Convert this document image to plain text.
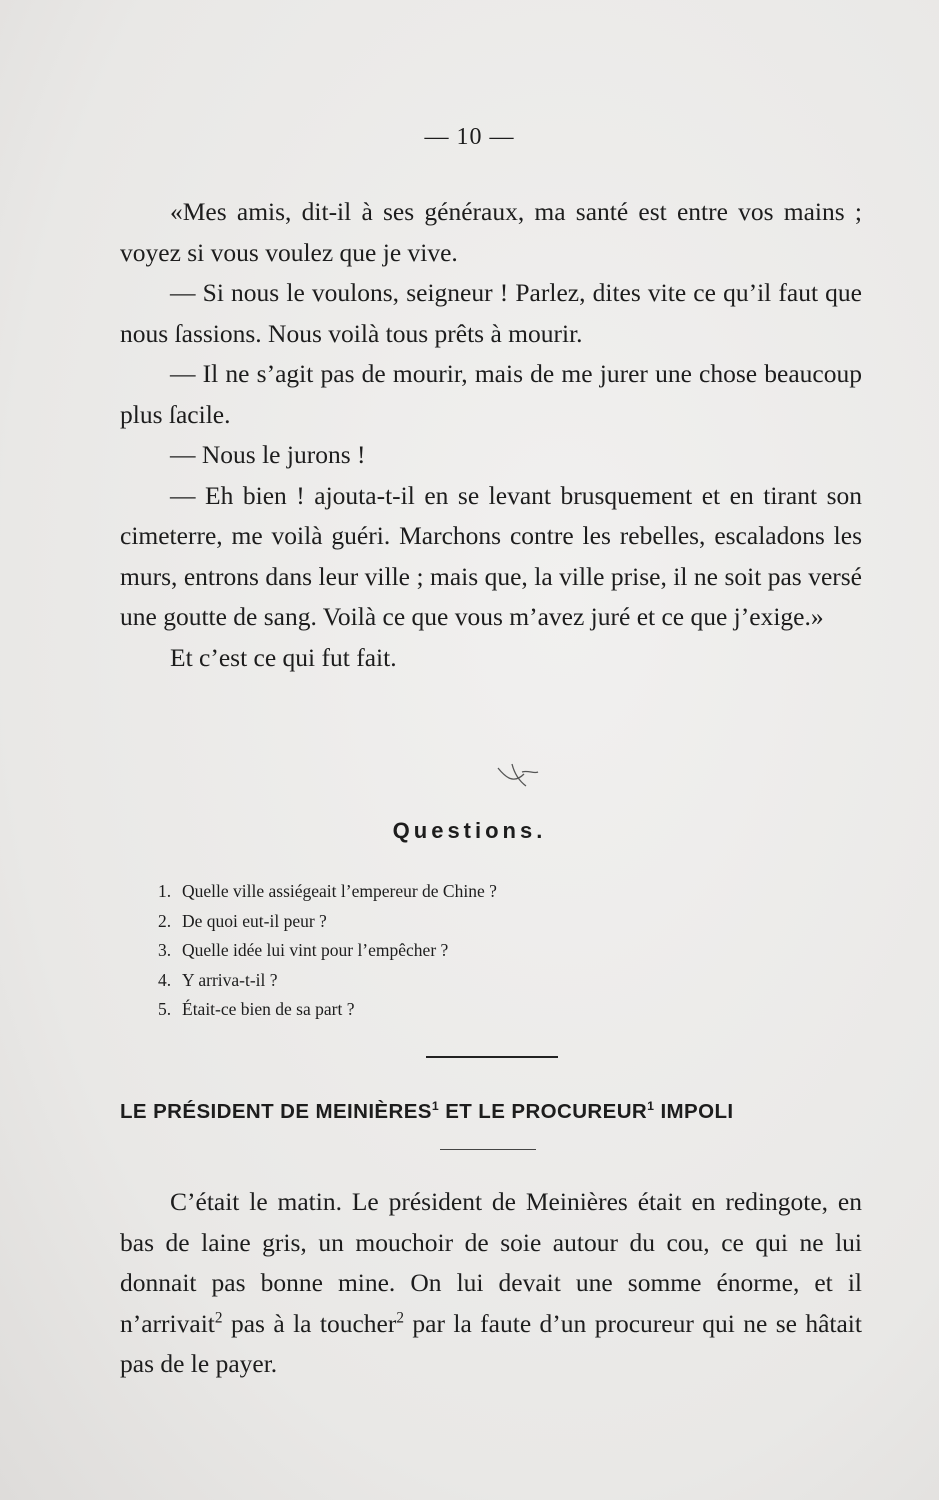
— 10 —

«Mes amis, dit-il à ses généraux, ma santé est entre vos mains ; voyez si vous voulez que je vive.

— Si nous le voulons, seigneur ! Parlez, dites vite ce qu’il faut que nous ſassions. Nous voilà tous prêts à mourir.

— Il ne s’agit pas de mourir, mais de me jurer une chose beaucoup plus ſacile.

— Nous le jurons !

— Eh bien ! ajouta-t-il en se levant brusquement et en tirant son cimeterre, me voilà guéri. Marchons contre les rebelles, escaladons les murs, entrons dans leur ville ; mais que, la ville prise, il ne soit pas versé une goutte de sang. Voilà ce que vous m’avez juré et ce que j’exige.»

Et c’est ce qui fut fait.

Questions.
1. Quelle ville assiégeait l’empereur de Chine ?
2. De quoi eut-il peur ?
3. Quelle idée lui vint pour l’empêcher ?
4. Y arriva-t-il ?
5. Était-ce bien de sa part ?
LE PRÉSIDENT DE MEINIÈRES$^1$ ET LE PROCUREUR$^1$ IMPOLI

C’était le matin. Le président de Meinières était en redingote, en bas de laine gris, un mouchoir de soie autour du cou, ce qui ne lui donnait pas bonne mine. On lui devait une somme énorme, et il n’arrivait$^2$ pas à la toucher$^2$ par la faute d’un procureur qui ne se hâtait pas de le payer.
